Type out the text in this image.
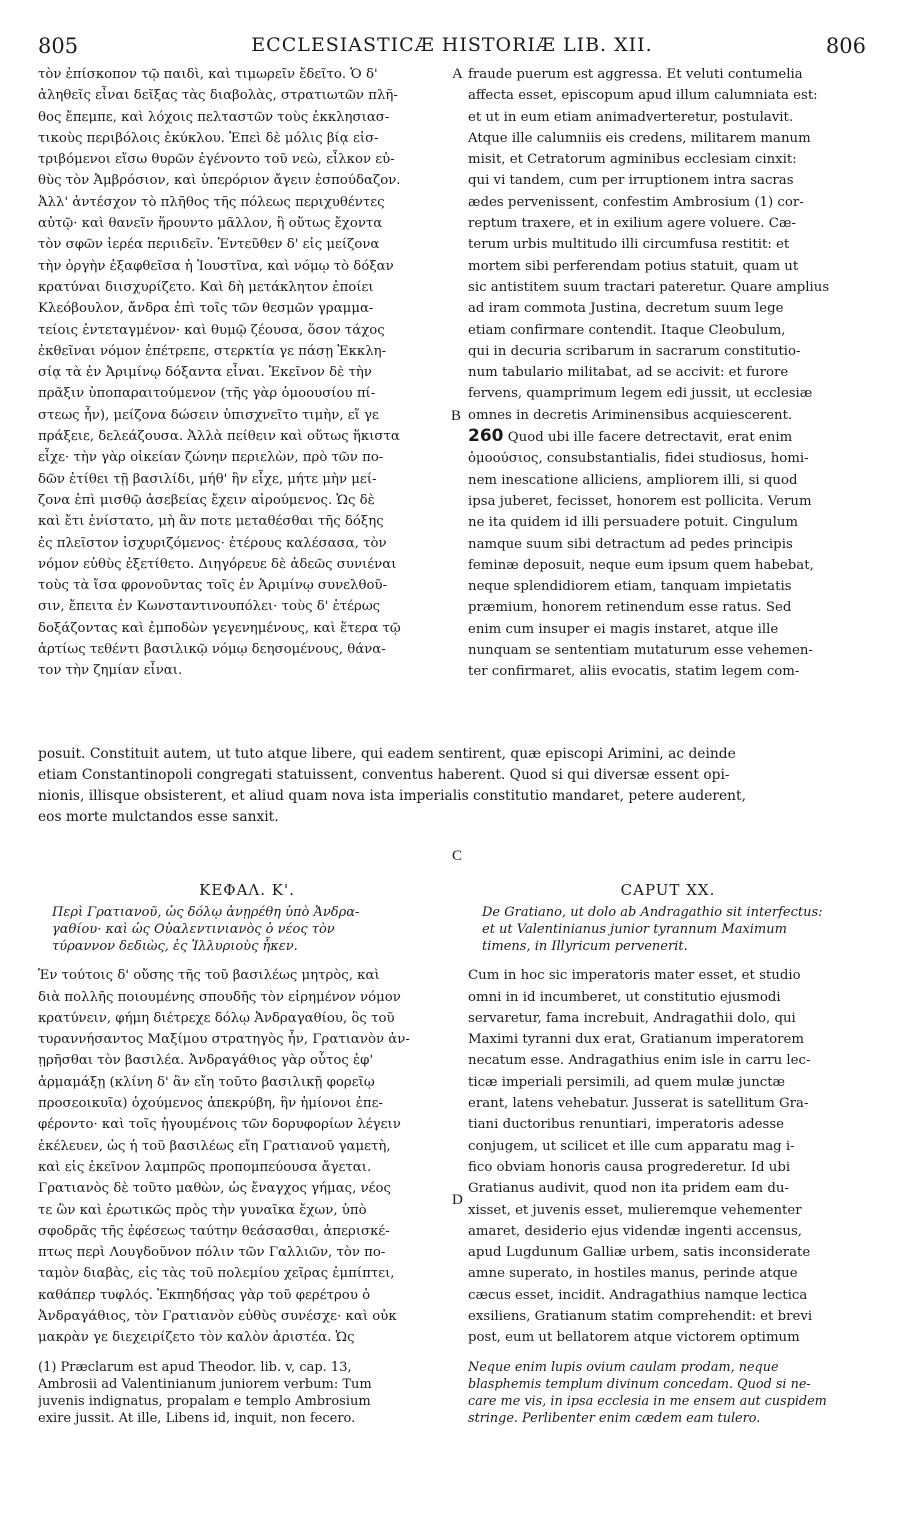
805	ECCLESIASTICÆ HISTORIÆ LIB. XII.	806
A
B
C
D
τὸν ἐπίσκοπον τῷ παιδὶ, καὶ τιμωρεῖν ἔδεῖτο. Ὁ δ'
ἀληθεῖς εἶναι δεῖξας τὰς διαβολὰς, στρατιωτῶν πλῆ-
θος ἔπεμπε, καὶ λόχοις πελταστῶν τοὺς ἐκκλησιασ-
τικοὺς περιβόλοις ἐκύκλου. Ἐπεὶ δὲ μόλις βίᾳ εἰσ-
τριβόμενοι εἴσω θυρῶν ἐγένοντο τοῦ νεὼ, εἶλκον εὐ-
θὺς τὸν Ἀμβρόσιον, καὶ ὑπερόριον ἄγειν ἐσπούδαζον.
Ἀλλ' ἀντέσχον τὸ πλῆθος τῆς πόλεως περιχυθέντες
αὐτῷ· καὶ θανεῖν ἥρουντο μᾶλλον, ἢ οὕτως ἔχοντα
τὸν σφῶν ἱερέα περιιδεῖν. Ἐντεῦθεν δ' εἰς μείζονα
τὴν ὀργὴν ἐξαφθεῖσα ἡ Ἰουστῖνα, καὶ νόμῳ τὸ δόξαν
κρατύναι διισχυρίζετο. Καὶ δὴ μετάκλητον ἐποίει
Κλεόβουλον, ἄνδρα ἐπὶ τοῖς τῶν θεσμῶν γραμμα-
τείοις ἐντεταγμένον· καὶ θυμῷ ζέουσα, ὅσον τάχος
ἐκθεῖναι νόμον ἐπέτρεπε, στερκτία γε πάσῃ Ἐκκλη-
σίᾳ τὰ ἐν Ἀριμίνῳ δόξαντα εἶναι. Ἐκεῖνον δὲ τὴν
πρᾶξιν ὑποπαραιτούμενον (τῆς γὰρ ὁμοουσίου πί-
στεως ἦν), μείζονα δώσειν ὑπισχνεῖτο τιμὴν, εἴ γε
πράξειε, δελεάζουσα. Ἀλλὰ πείθειν καὶ οὕτως ἥκιστα
εἶχε· τὴν γὰρ οἰκείαν ζώνην περιελὼν, πρὸ τῶν πο-
δῶν ἐτίθει τῇ βασιλίδι, μήθ' ἣν εἶχε, μήτε μὴν μεί-
ζονα ἐπὶ μισθῷ ἀσεβείας ἔχειν αἱρούμενος. Ὡς δὲ
καὶ ἔτι ἐνίστατο, μὴ ἂν ποτε μεταθέσθαι τῆς δόξης
ἐς πλεῖστον ἰσχυριζόμενος· ἑτέρους καλέσασα, τὸν
νόμον εὐθὺς ἐξετίθετο. Διηγόρευε δὲ ἀδεῶς συνιέναι
τοὺς τὰ ἴσα φρονοῦντας τοῖς ἐν Ἀριμίνῳ συνελθοῦ-
σιν, ἔπειτα ἐν Κωνσταντινουπόλει· τοὺς δ' ἑτέρως
δοξάζοντας καὶ ἐμποδὼν γεγενημένους, καὶ ἕτερα τῷ
ἀρτίως τεθέντι βασιλικῷ νόμῳ δεησομένους, θάνα-
τον τὴν ζημίαν εἶναι.
fraude puerum est aggressa. Et veluti contumelia
affecta esset, episcopum apud illum calumniata est:
et ut in eum etiam animadverteretur, postulavit.
Atque ille calumniis eis credens, militarem manum
misit, et Cetratorum agminibus ecclesiam cinxit:
qui vi tandem, cum per irruptionem intra sacras
ædes pervenissent, confestim Ambrosium (1) cor-
reptum traxere, et in exilium agere voluere. Cæ-
terum urbis multitudo illi circumfusa restitit: et
mortem sibi perferendam potius statuit, quam ut
sic antistitem suum tractari pateretur. Quare amplius
ad iram commota Justina, decretum suum lege
etiam confirmare contendit. Itaque Cleobulum,
qui in decuria scribarum in sacrarum constitutio-
num tabulario militabat, ad se accivit: et furore
fervens, quamprimum legem edi jussit, ut ecclesiæ
omnes in decretis Ariminensibus acquiescerent.
260 Quod ubi ille facere detrectavit, erat enim
ὁμοούσιος, consubstantialis, fidei studiosus, homi-
nem inescatione alliciens, ampliorem illi, si quod
ipsa juberet, fecisset, honorem est pollicita. Verum
ne ita quidem id illi persuadere potuit. Cingulum
namque suum sibi detractum ad pedes principis
feminæ deposuit, neque eum ipsum quem habebat,
neque splendidiorem etiam, tanquam impietatis
præmium, honorem retinendum esse ratus. Sed
enim cum insuper ei magis instaret, atque ille
nunquam se sententiam mutaturum esse vehemen-
ter confirmaret, aliis evocatis, statim legem com-
posuit. Constituit autem, ut tuto atque libere, qui eadem sentirent, quæ episcopi Arimini, ac deinde
etiam Constantinopoli congregati statuissent, conventus haberent. Quod si qui diversæ essent opi-
nionis, illisque obsisterent, et aliud quam nova ista imperialis constitutio mandaret, petere auderent,
eos morte mulctandos esse sanxit.
ΚΕΦΑΛ. Κ'.
Περὶ Γρατιανοῦ, ὡς δόλῳ ἀνῃρέθη ὑπὸ Ἀνδρα-
γαθίου· καὶ ὡς Οὐαλεντινιανὸς ὁ νέος τὸν
τύραννον δεδιὼς, ἐς Ἰλλυριοὺς ἧκεν.
Ἐν τούτοις δ' οὔσης τῆς τοῦ βασιλέως μητρὸς, καὶ
διὰ πολλῆς ποιουμένης σπουδῆς τὸν εἰρημένον νόμον
κρατύνειν, φήμη διέτρεχε δόλῳ Ἀνδραγαθίου, ὃς τοῦ
τυραννήσαντος Μαξίμου στρατηγὸς ἦν, Γρατιανὸν ἀν-
ῃρῆσθαι τὸν βασιλέα. Ἀνδραγάθιος γὰρ οὗτος ἐφ'
ἁρμαμάξῃ (κλίνη δ' ἂν εἴη τοῦτο βασιλικῇ φορεῖῳ
προσεοικυῖα) ὀχούμενος ἀπεκρύβη, ἣν ἡμίονοι ἐπε-
φέροντο· καὶ τοῖς ἡγουμένοις τῶν δορυφορίων λέγειν
ἐκέλευεν, ὡς ἡ τοῦ βασιλέως εἴη Γρατιανοῦ γαμετὴ,
καὶ εἰς ἐκεῖνον λαμπρῶς προπομπεύουσα ἄγεται.
Γρατιανὸς δὲ τοῦτο μαθὼν, ὡς ἔναγχος γήμας, νέος
τε ὢν καὶ ἐρωτικῶς πρὸς τὴν γυναῖκα ἔχων, ὑπὸ
σφοδρᾶς τῆς ἐφέσεως ταύτην θεάσασθαι, ἀπερισκέ-
πτως περὶ Λουγδοῦνον πόλιν τῶν Γαλλιῶν, τὸν πο-
ταμὸν διαβὰς, εἰς τὰς τοῦ πολεμίου χεῖρας ἐμπίπτει,
καθάπερ τυφλός. Ἐκπηδήσας γὰρ τοῦ φερέτρου ὁ
Ἀνδραγάθιος, τὸν Γρατιανὸν εὐθὺς συνέσχε· καὶ οὐκ
μακρὰν γε διεχειρίζετο τὸν καλὸν ἀριστέα. Ὡς
(1) Præclarum est apud Theodor. lib. v, cap. 13,
Ambrosii ad Valentinianum juniorem verbum: Tum
juvenis indignatus, propalam e templo Ambrosium
exire jussit. At ille, Libens id, inquit, non fecero.
CAPUT XX.
De Gratiano, ut dolo ab Andragathio sit interfectus:
et ut Valentinianus junior tyrannum Maximum
timens, in Illyricum pervenerit.
Cum in hoc sic imperatoris mater esset, et studio
omni in id incumberet, ut constitutio ejusmodi
servaretur, fama increbuit, Andragathii dolo, qui
Maximi tyranni dux erat, Gratianum imperatorem
necatum esse. Andragathius enim isle in carru lec-
ticæ imperiali persimili, ad quem mulæ junctæ
erant, latens vehebatur. Jusserat is satellitum Gra-
tiani ductoribus renuntiari, imperatoris adesse
conjugem, ut scilicet et ille cum apparatu mag i-
fico obviam honoris causa progrederetur. Id ubi
Gratianus audivit, quod non ita pridem eam du-
xisset, et juvenis esset, mulieremque vehementer
amaret, desiderio ejus videndæ ingenti accensus,
apud Lugdunum Galliæ urbem, satis inconsiderate
amne superato, in hostiles manus, perinde atque
cæcus esset, incidit. Andragathius namque lectica
exsiliens, Gratianum statim comprehendit: et brevi
post, eum ut bellatorem atque victorem optimum
Neque enim lupis ovium caulam prodam, neque
blasphemis templum divinum concedam. Quod si ne-
care me vis, in ipsa ecclesia in me ensem aut cuspidem
stringe. Perlibenter enim cædem eam tulero.
